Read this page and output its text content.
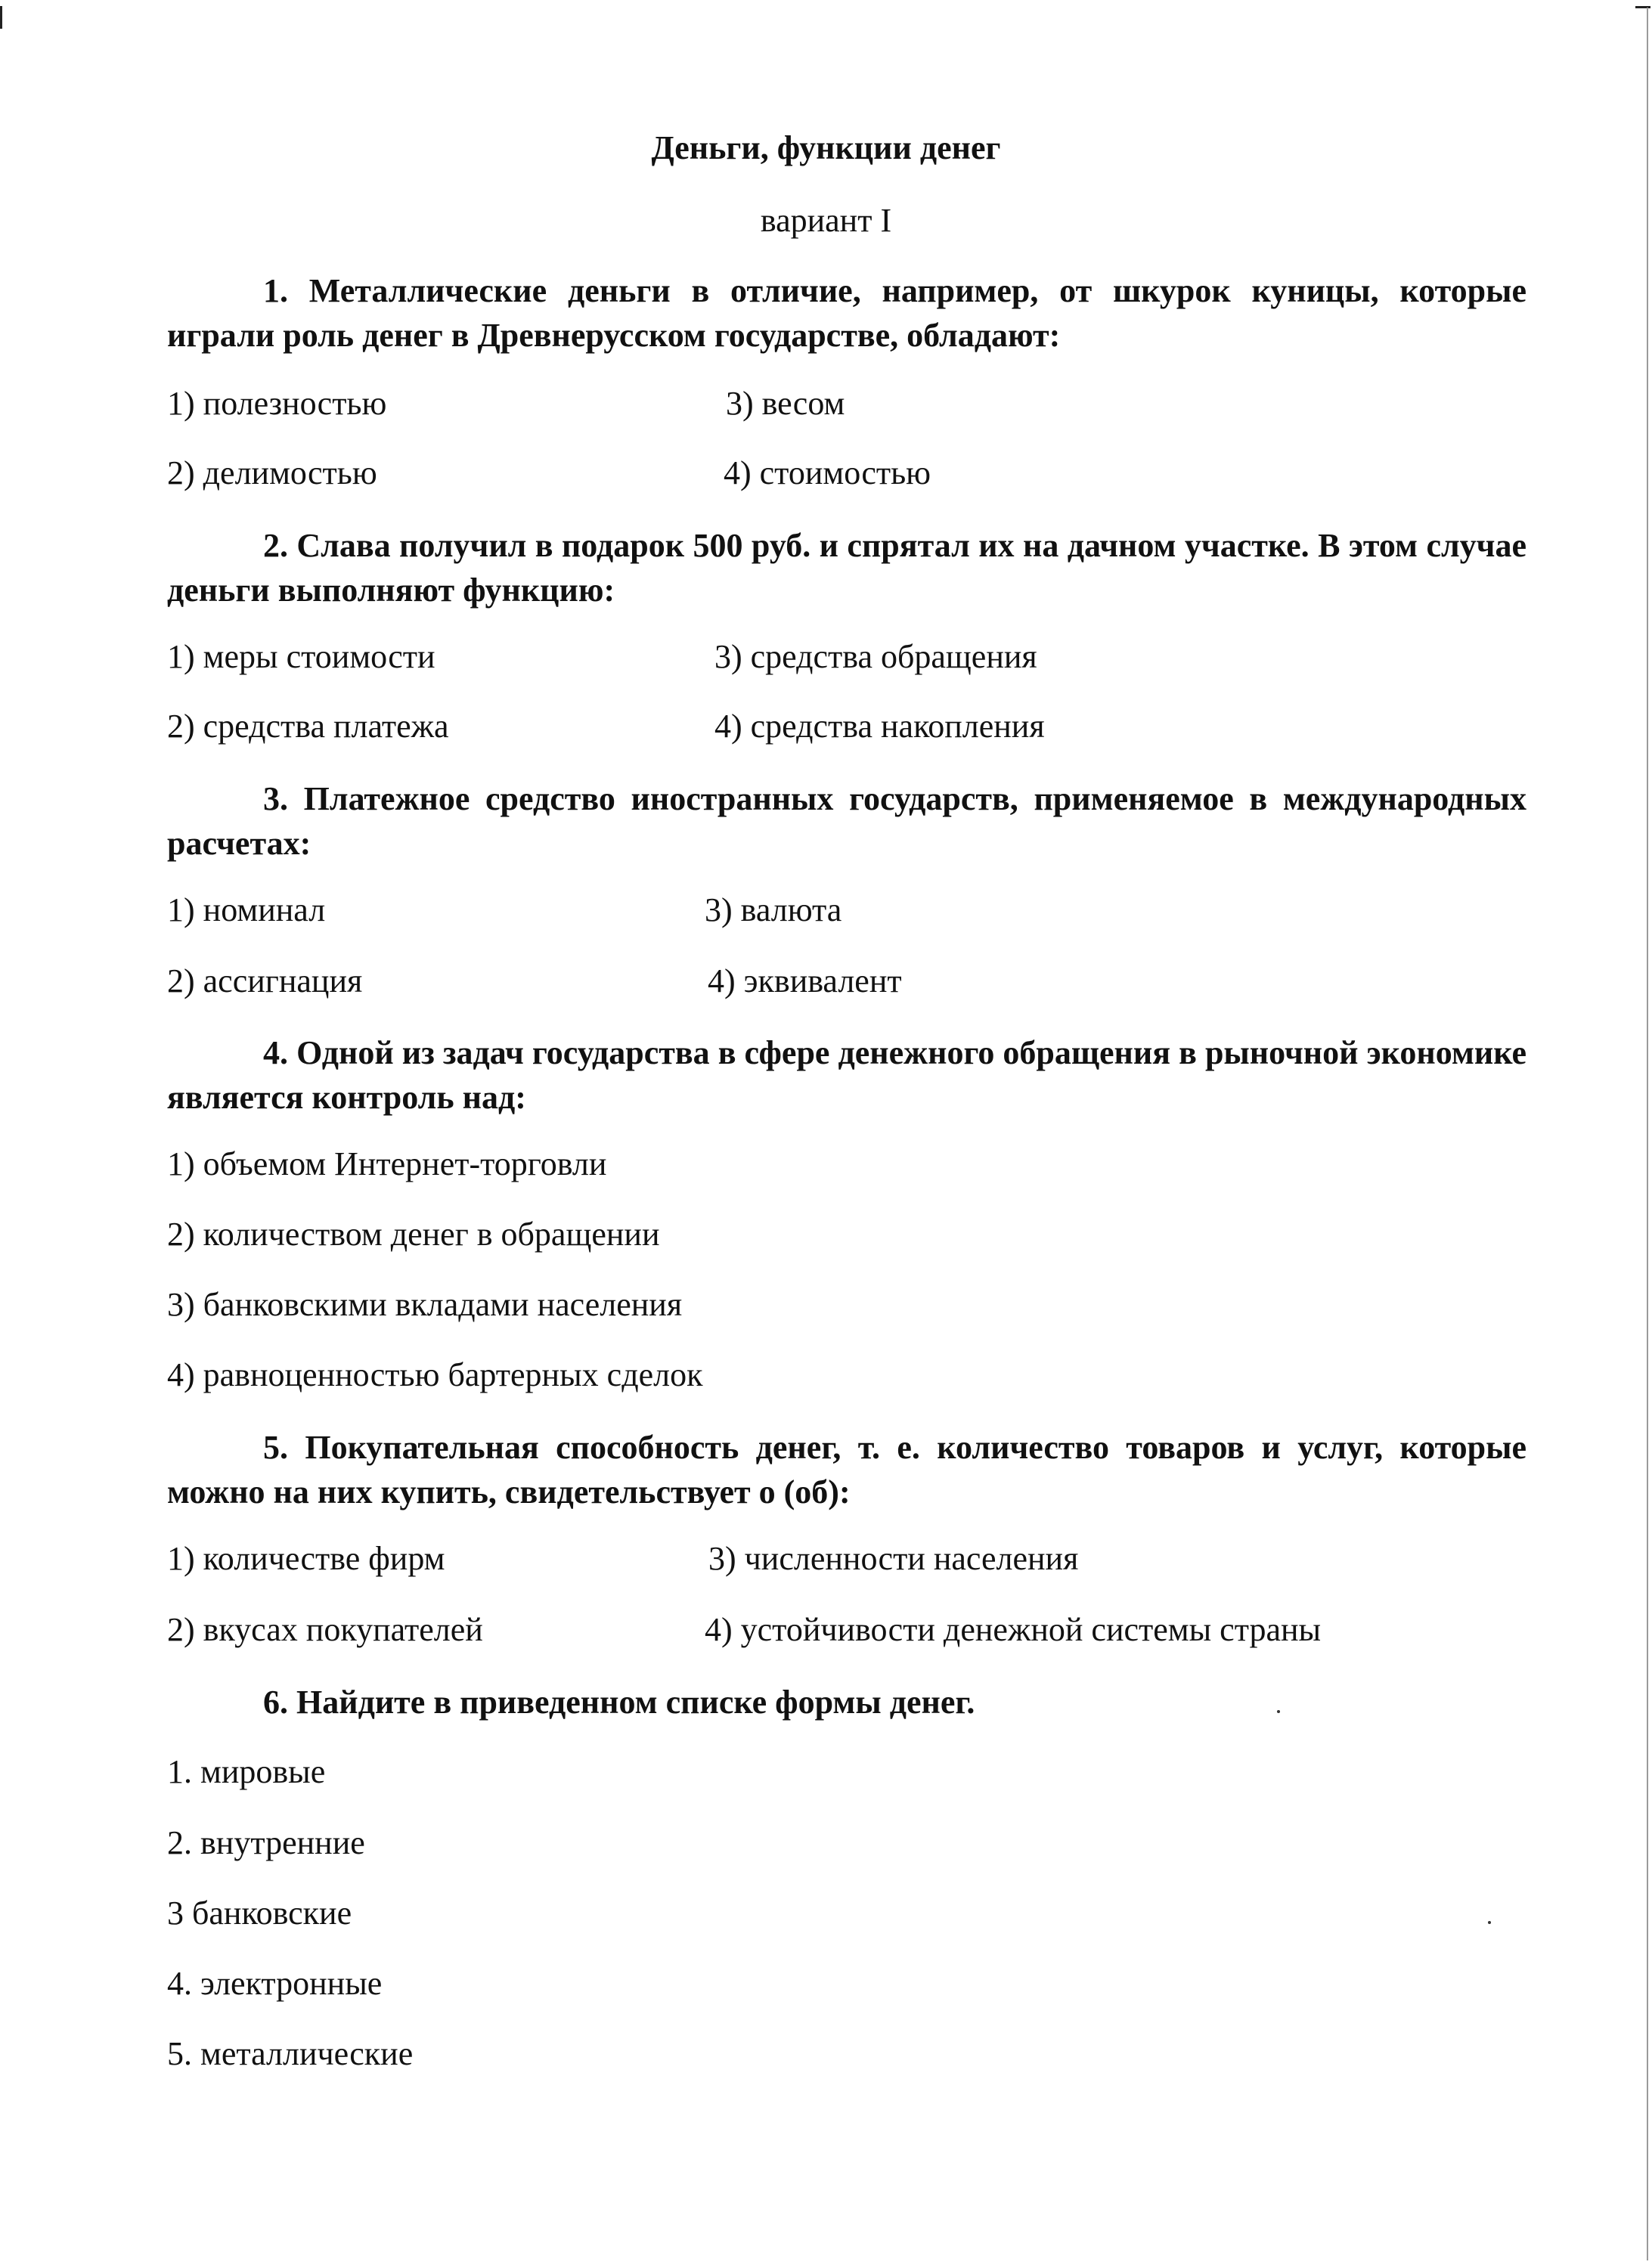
Деньги, функции денег
вариант I
1. Металлические деньги в отличие, например, от шкурок куницы, которые играли роль денег в Древнерусском государстве, обладают:
1) полезностью	3) весом
2) делимостью	4) стоимостью
2. Слава получил в подарок 500 руб. и спрятал их на дачном участке. В этом случае деньги выполняют функцию:
1) меры стоимости	3) средства обращения
2) средства платежа	4) средства накопления
3. Платежное средство иностранных государств, применяемое в международных расчетах:
1) номинал	3) валюта
2) ассигнация	4) эквивалент
4. Одной из задач государства в сфере денежного обращения в рыночной экономике является контроль над:
1) объемом Интернет-торговли
2) количеством денег в обращении
3) банковскими вкладами населения
4) равноценностью бартерных сделок
5. Покупательная способность денег, т. е. количество товаров и услуг, которые можно на них купить, свидетельствует о (об):
1) количестве фирм	3) численности населения
2) вкусах покупателей	4) устойчивости денежной системы страны
6. Найдите в приведенном списке формы денег.
1. мировые
2. внутренние
3 банковские
4. электронные
5. металлические
